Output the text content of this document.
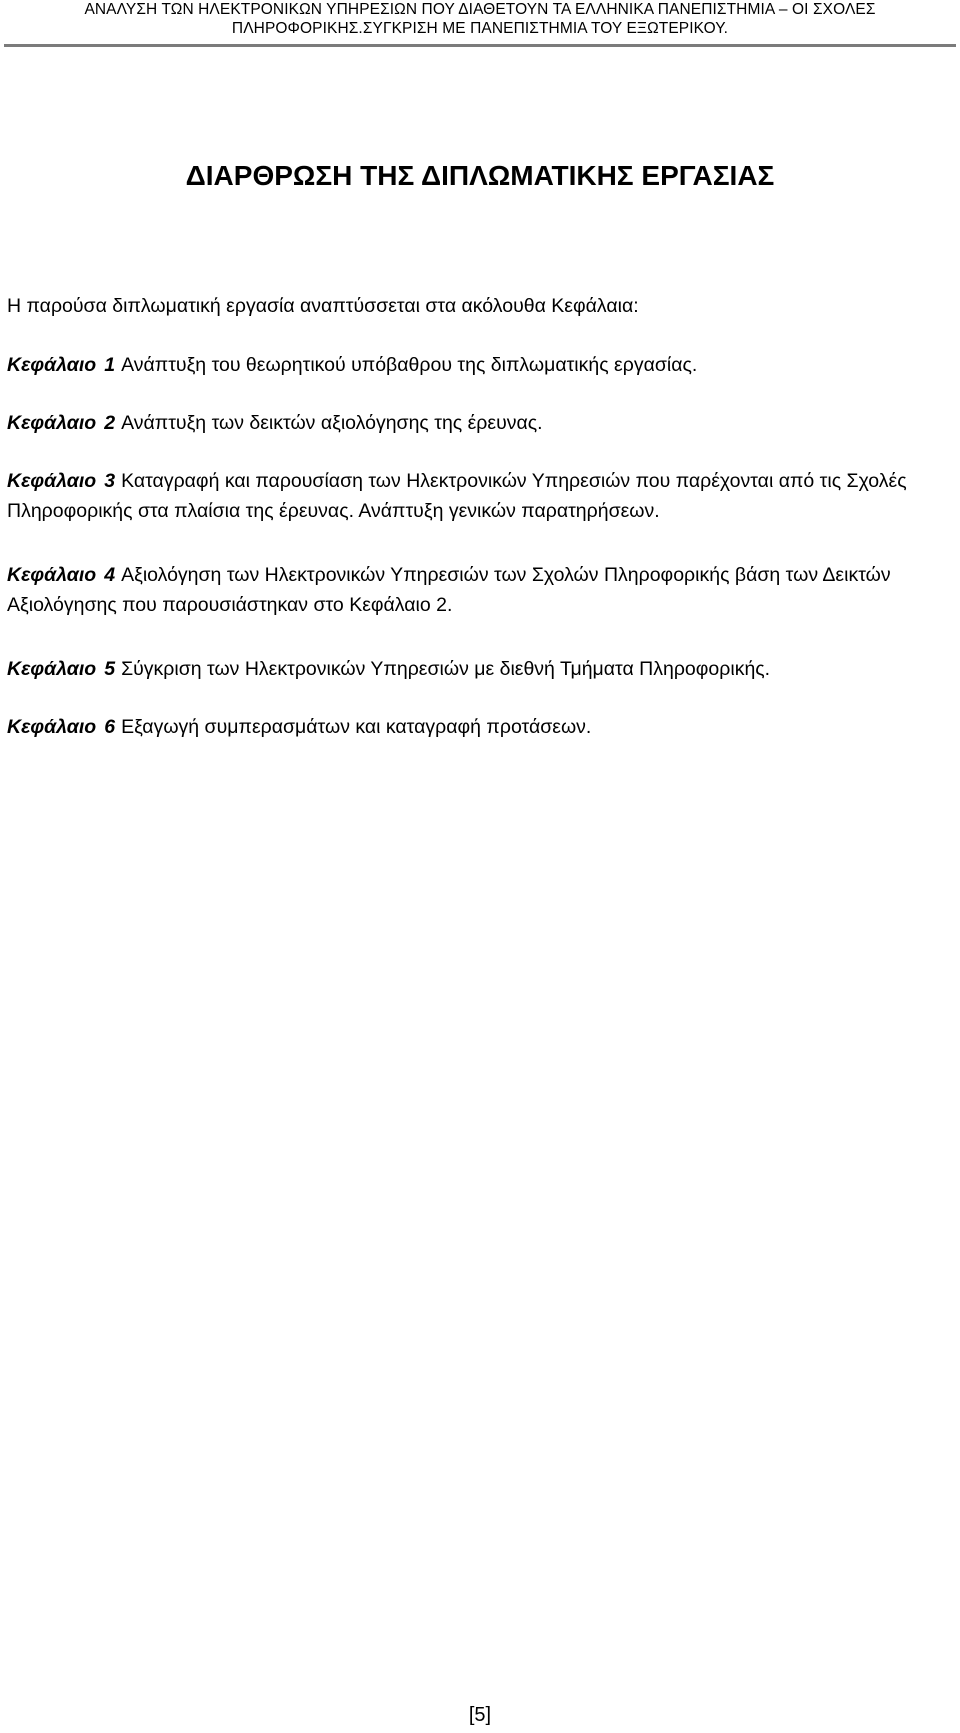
ΑΝΑΛΥΣΗ ΤΩΝ ΗΛΕΚΤΡΟΝΙΚΩΝ ΥΠΗΡΕΣΙΩΝ ΠΟΥ ΔΙΑΘΕΤΟΥΝ ΤΑ ΕΛΛΗΝΙΚΑ ΠΑΝΕΠΙΣΤΗΜΙΑ – ΟΙ ΣΧΟΛΕΣ
ΠΛΗΡΟΦΟΡΙΚΗΣ.ΣΥΓΚΡΙΣΗ ΜΕ ΠΑΝΕΠΙΣΤΗΜΙΑ ΤΟΥ ΕΞΩΤΕΡΙΚΟΥ.
ΔΙΑΡΘΡΩΣΗ ΤΗΣ ΔΙΠΛΩΜΑΤΙΚΗΣ ΕΡΓΑΣΙΑΣ
Η παρούσα διπλωματική εργασία αναπτύσσεται στα ακόλουθα Κεφάλαια:
Κεφάλαιο 1 Ανάπτυξη του θεωρητικού υπόβαθρου της διπλωματικής εργασίας.
Κεφάλαιο 2 Ανάπτυξη των δεικτών αξιολόγησης της έρευνας.
Κεφάλαιο 3 Καταγραφή και παρουσίαση των Ηλεκτρονικών Υπηρεσιών που παρέχονται από τις Σχολές Πληροφορικής στα πλαίσια της έρευνας. Ανάπτυξη γενικών παρατηρήσεων.
Κεφάλαιο 4 Αξιολόγηση των Ηλεκτρονικών Υπηρεσιών των Σχολών Πληροφορικής βάση των Δεικτών Αξιολόγησης που παρουσιάστηκαν στο Κεφάλαιο 2.
Κεφάλαιο 5 Σύγκριση των Ηλεκτρονικών Υπηρεσιών με διεθνή Τμήματα Πληροφορικής.
Κεφάλαιο 6 Εξαγωγή συμπερασμάτων και καταγραφή προτάσεων.
[5]
